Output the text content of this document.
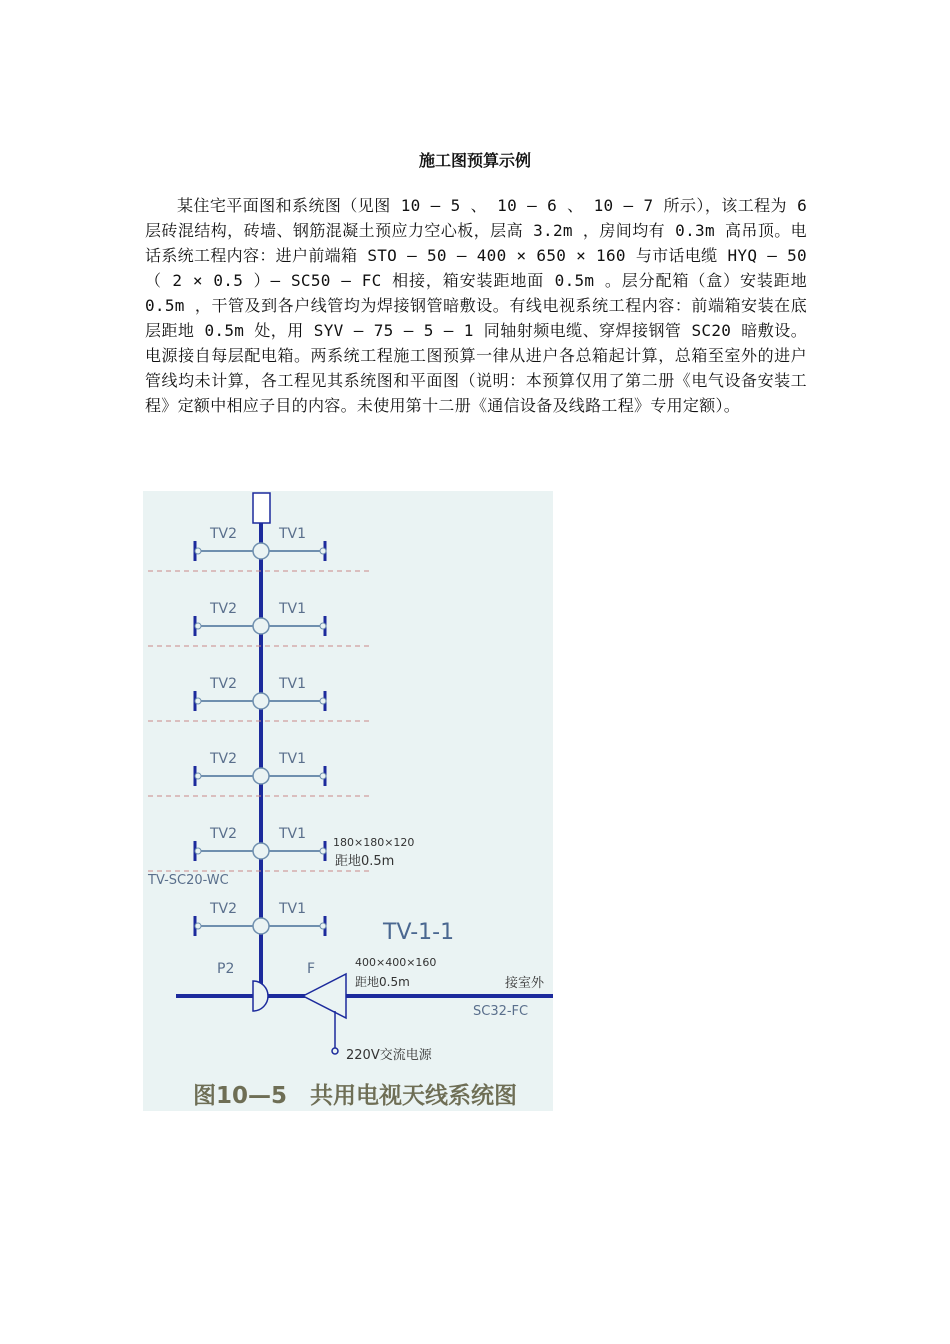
施工图预算示例
某住宅平面图和系统图（见图 10 — 5 、 10 — 6 、 10 — 7 所示），该工程为 6 层砖混结构，砖墙、钢筋混凝土预应力空心板，层高 3.2m ，房间均有 0.3m 高吊顶。电话系统工程内容：进户前端箱 STO — 50 — 400 × 650 × 160 与市话电缆 HYQ — 50 （ 2 × 0.5 ）— SC50 — FC 相接，箱安装距地面 0.5m 。层分配箱（盒）安装距地 0.5m ，干管及到各户线管均为焊接钢管暗敷设。有线电视系统工程内容：前端箱安装在底层距地 0.5m 处，用 SYV — 75 — 5 — 1 同轴射频电缆、穿焊接钢管 SC20 暗敷设。电源接自每层配电箱。两系统工程施工图预算一律从进户各总箱起计算，总箱至室外的进户管线均未计算，各工程见其系统图和平面图（说明：本预算仅用了第二册《电气设备安装工程》定额中相应子目的内容。未使用第十二册《通信设备及线路工程》专用定额）。
TV2	TV1
TV2	TV1
TV2	TV1
TV2	TV1
TV2	TV1
TV2	TV1
180×180×120
距地0.5m
TV-SC20-WC
TV-1-1
400×400×160
距地0.5m
P2	F
220V交流电源
接室外
SC32-FC
图10—5　共用电视天线系统图
